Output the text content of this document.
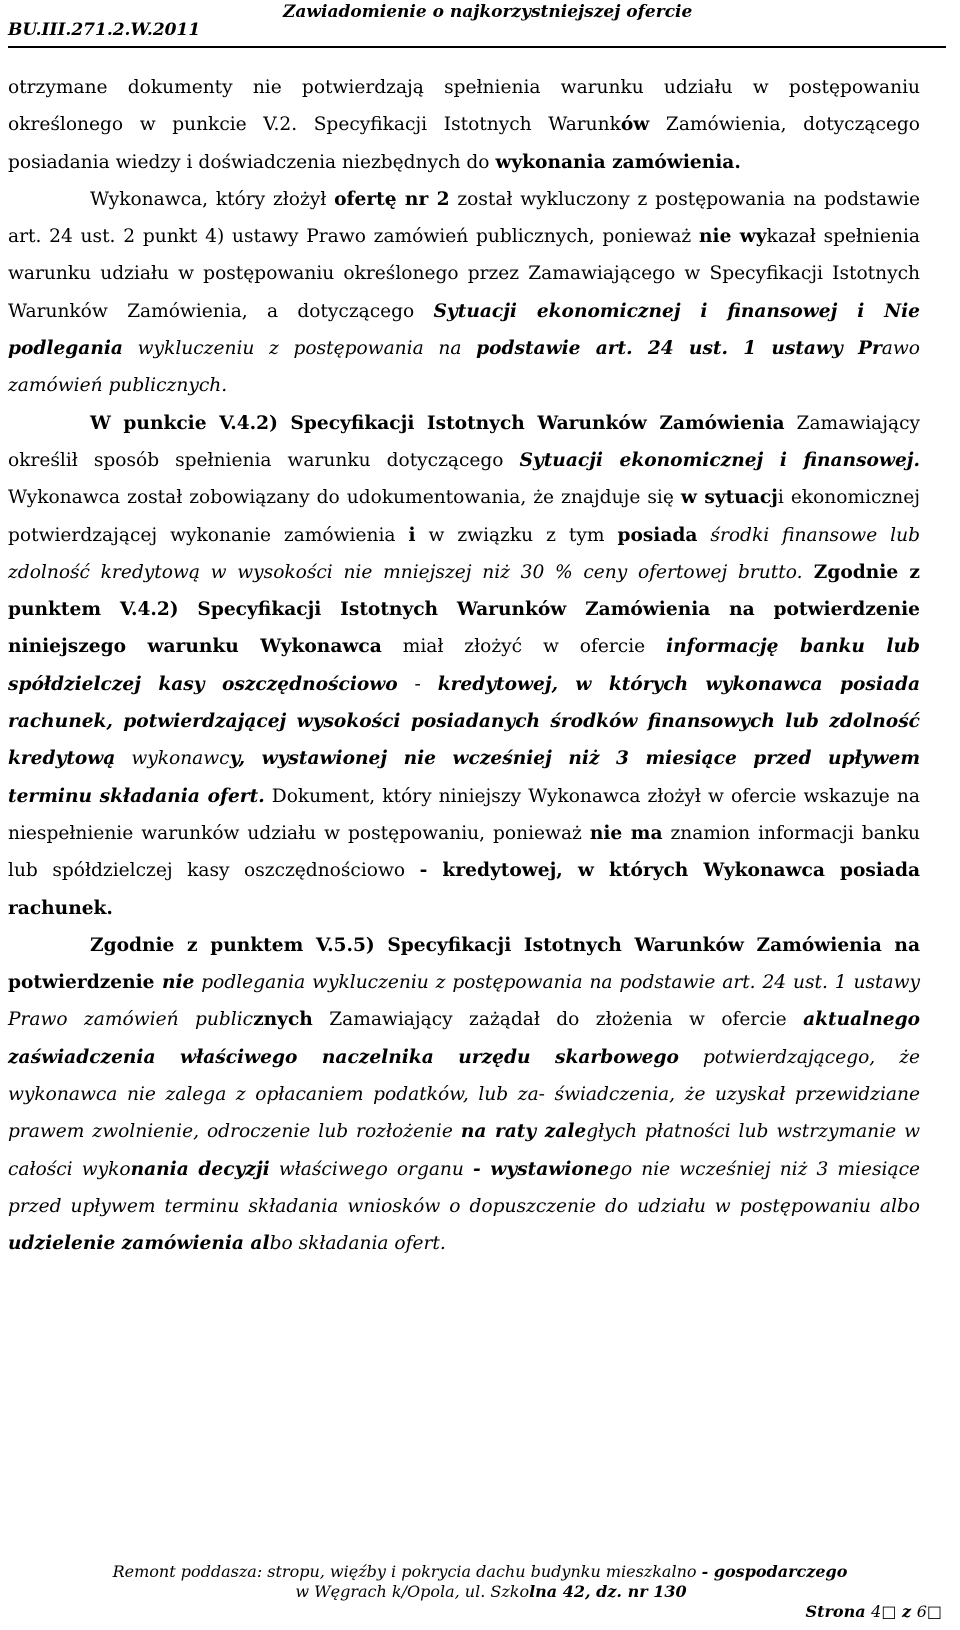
Zawiadomienie o najkorzystniejszej ofercie
BU.III.271.2.W.2011

otrzymane dokumenty nie potwierdzają spełnienia warunku udziału w postępowaniu określonego w punkcie V.2. Specyfikacji Istotnych Warunków Zamówienia, dotyczącego posiadania wiedzy i doświadczenia niezbędnych do wykonania zamówienia.

Wykonawca, który złożył ofertę nr 2 został wykluczony z postępowania na podstawie art. 24 ust. 2 punkt 4) ustawy Prawo zamówień publicznych, ponieważ nie wykazał spełnienia warunku udziału w postępowaniu określonego przez Zamawiającego w Specyfikacji Istotnych Warunków Zamówienia, a dotyczącego Sytuacji ekonomicznej i finansowej i Nie podlegania wykluczeniu z postępowania na podstawie art. 24 ust. 1 ustawy Prawo zamówień publicznych.

W punkcie V.4.2) Specyfikacji Istotnych Warunków Zamówienia Zamawiający określił sposób spełnienia warunku dotyczącego Sytuacji ekonomicznej i finansowej. Wykonawca został zobowiązany do udokumentowania, że znajduje się w sytuacji ekonomicznej potwierdzającej wykonanie zamówienia i w związku z tym posiada środki finansowe lub zdolność kredytową w wysokości nie mniejszej niż 30 % ceny ofertowej brutto. Zgodnie z punktem V.4.2) Specyfikacji Istotnych Warunków Zamówienia na potwierdzenie niniejszego warunku Wykonawca miał złożyć w ofercie informację banku lub spółdzielczej kasy oszczędnościowo - kredytowej, w których wykonawca posiada rachunek, potwierdzającej wysokości posiadanych środków finansowych lub zdolność kredytową wykonawcy, wystawionej nie wcześniej niż 3 miesiące przed upływem terminu składania ofert. Dokument, który niniejszy Wykonawca złożył w ofercie wskazuje na niespełnienie warunków udziału w postępowaniu, ponieważ nie ma znamion informacji banku lub spółdzielczej kasy oszczędnościowo - kredytowej, w których Wykonawca posiada rachunek.

Zgodnie z punktem V.5.5) Specyfikacji Istotnych Warunków Zamówienia na potwierdzenie nie podlegania wykluczeniu z postępowania na podstawie art. 24 ust. 1 ustawy Prawo zamówień publicznych Zamawiający zażądał do złożenia w ofercie aktualnego zaświadczenia właściwego naczelnika urzędu skarbowego potwierdzającego, że wykonawca nie zalega z opłacaniem podatków, lub za- świadczenia, że uzyskał przewidziane prawem zwolnienie, odroczenie lub rozłożenie na raty zaległych płatności lub wstrzymanie w całości wykonania decyzji właściwego organu - wystawionego nie wcześniej niż 3 miesiące przed upływem terminu składania wniosków o dopuszczenie do udziału w postępowaniu albo udzielenie zamówienia albo składania ofert.

Remont poddasza: stropu, więźby i pokrycia dachu budynku mieszkalno - gospodarczego
w Węgrach k/Opola, ul. Szkolna 42, dz. nr 130
Strona 4□ z 6□
